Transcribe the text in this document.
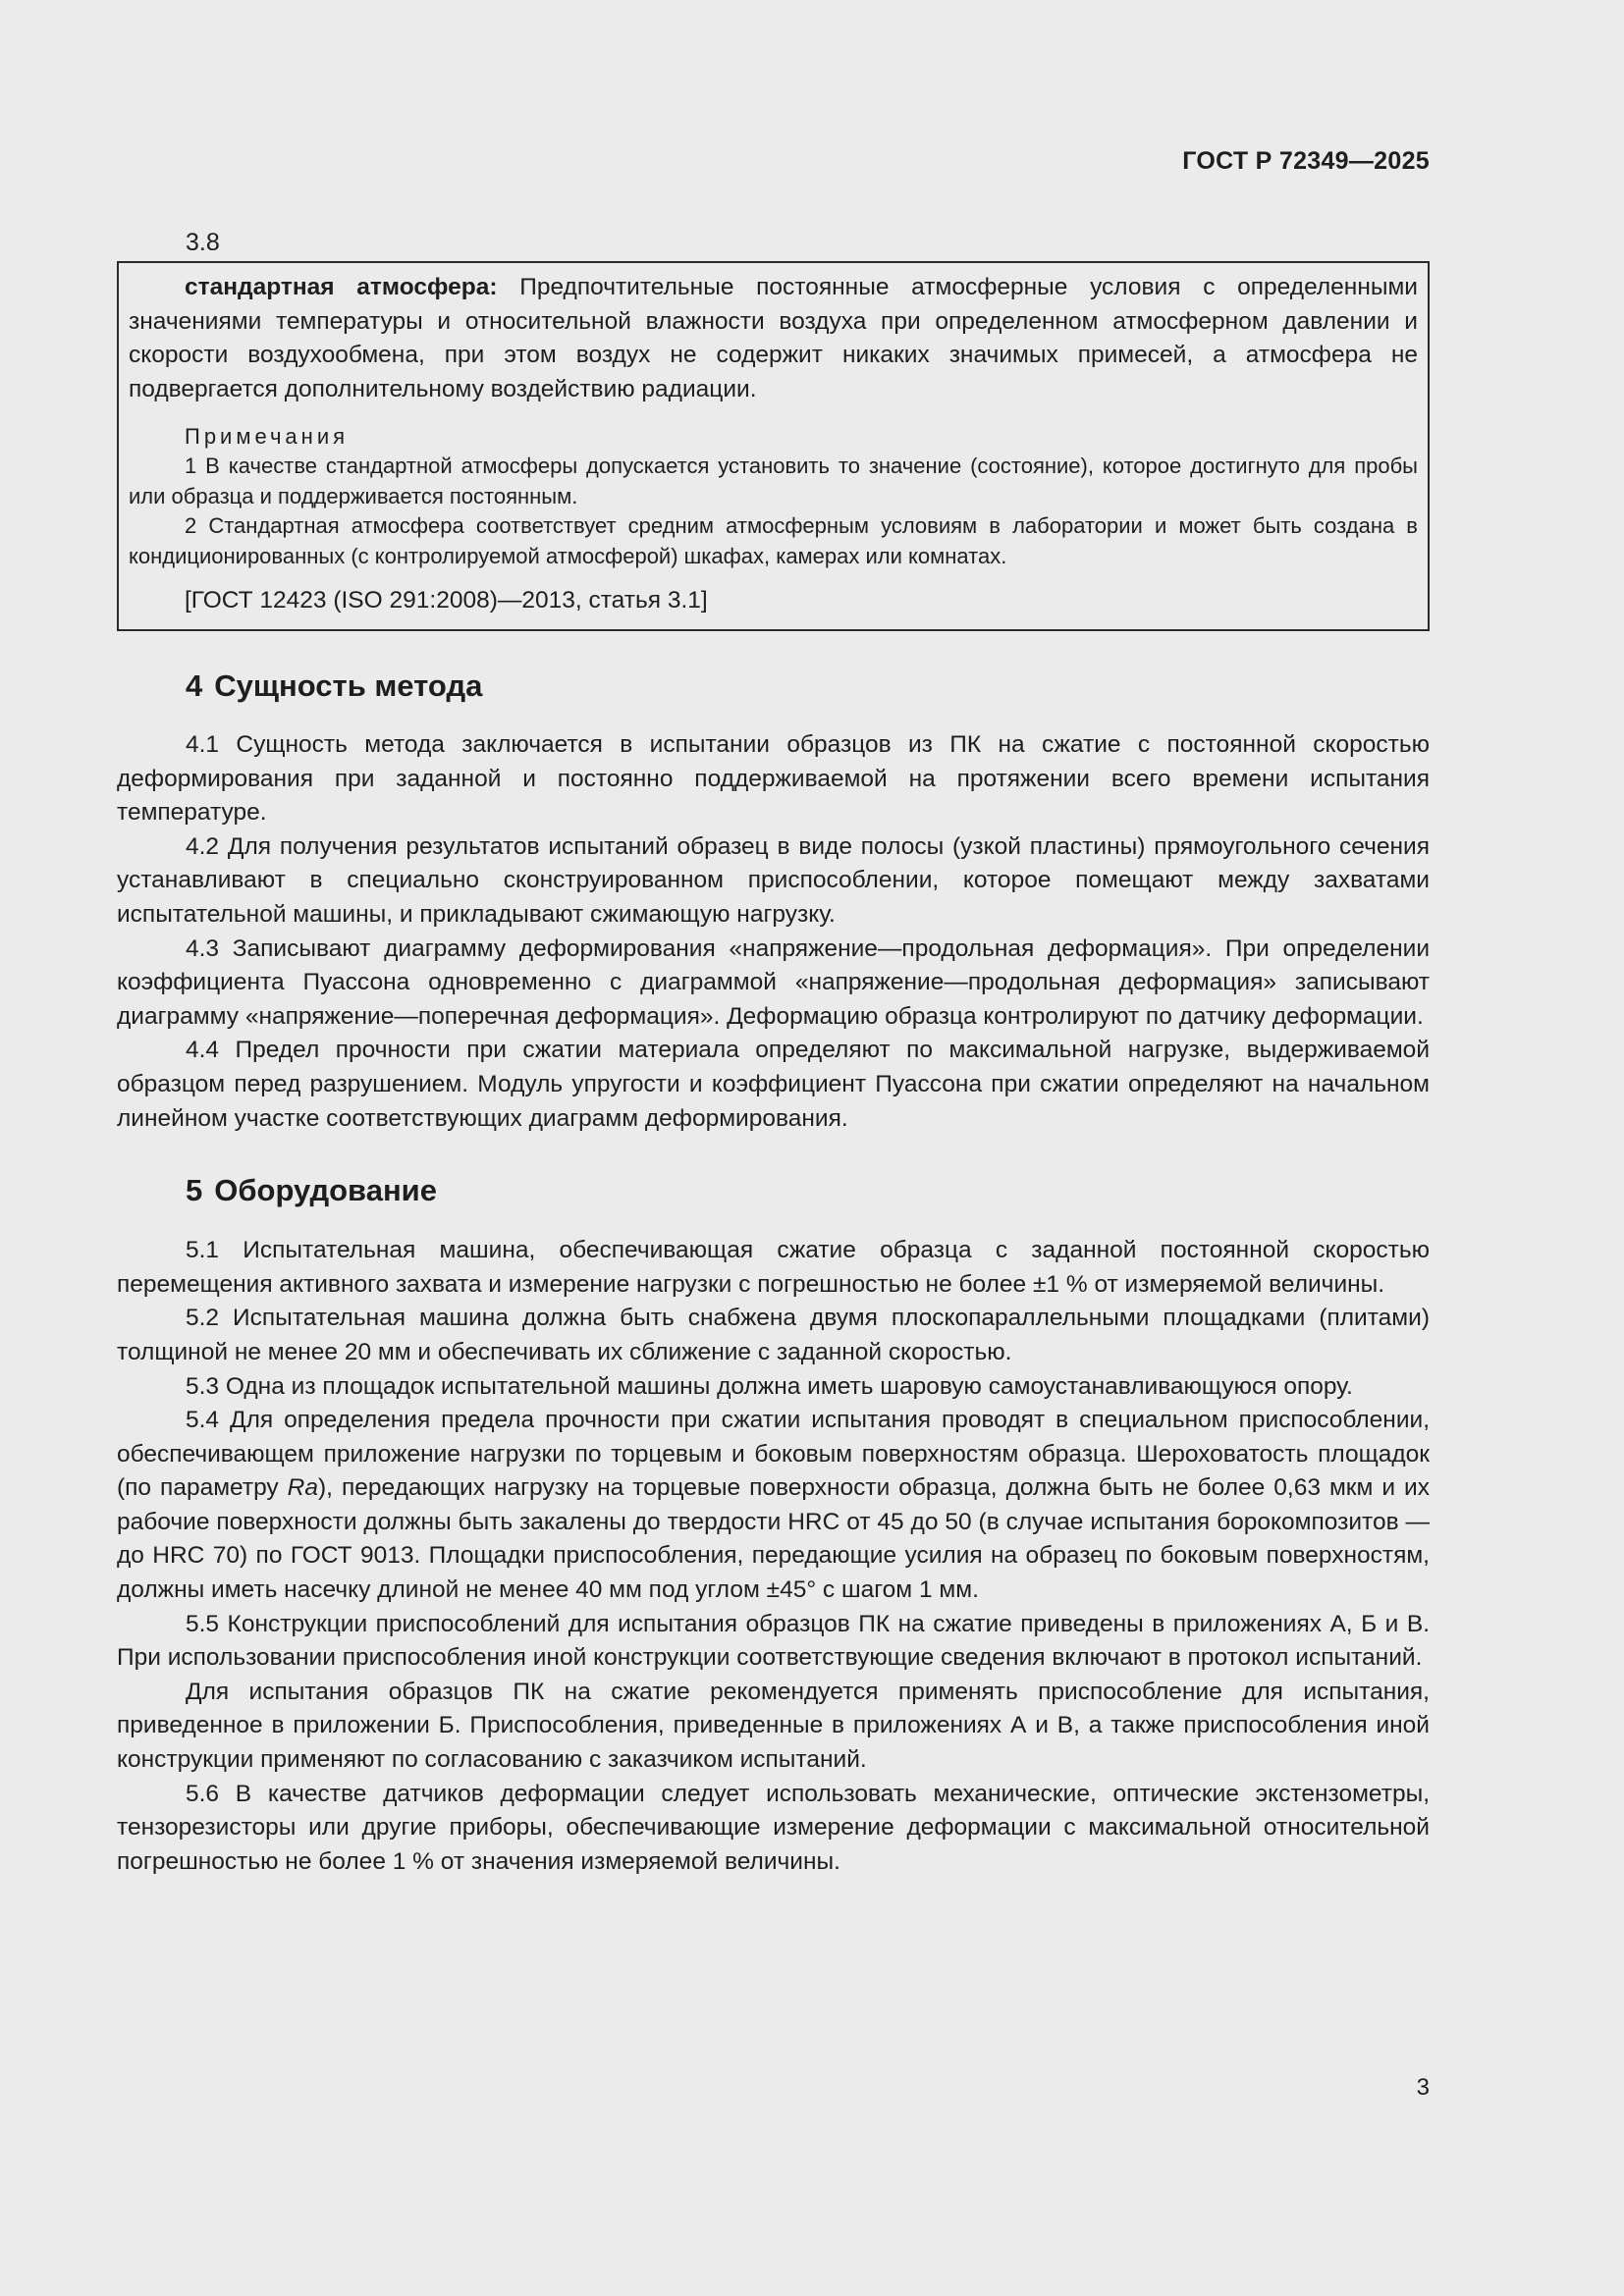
ГОСТ Р 72349—2025
3.8

стандартная атмосфера: Предпочтительные постоянные атмосферные условия с определенными значениями температуры и относительной влажности воздуха при определенном атмосферном давлении и скорости воздухообмена, при этом воздух не содержит никаких значимых примесей, а атмосфера не подвергается дополнительному воздействию радиации.

Примечания

1 В качестве стандартной атмосферы допускается установить то значение (состояние), которое достигнуто для пробы или образца и поддерживается постоянным.

2 Стандартная атмосфера соответствует средним атмосферным условиям в лаборатории и может быть создана в кондиционированных (с контролируемой атмосферой) шкафах, камерах или комнатах.

[ГОСТ 12423 (ISO 291:2008)—2013, статья 3.1]
4 Сущность метода

4.1 Сущность метода заключается в испытании образцов из ПК на сжатие с постоянной скоростью деформирования при заданной и постоянно поддерживаемой на протяжении всего времени испытания температуре.

4.2 Для получения результатов испытаний образец в виде полосы (узкой пластины) прямоугольного сечения устанавливают в специально сконструированном приспособлении, которое помещают между захватами испытательной машины, и прикладывают сжимающую нагрузку.

4.3 Записывают диаграмму деформирования «напряжение—продольная деформация». При определении коэффициента Пуассона одновременно с диаграммой «напряжение—продольная деформация» записывают диаграмму «напряжение—поперечная деформация». Деформацию образца контролируют по датчику деформации.

4.4 Предел прочности при сжатии материала определяют по максимальной нагрузке, выдерживаемой образцом перед разрушением. Модуль упругости и коэффициент Пуассона при сжатии определяют на начальном линейном участке соответствующих диаграмм деформирования.

5 Оборудование

5.1 Испытательная машина, обеспечивающая сжатие образца с заданной постоянной скоростью перемещения активного захвата и измерение нагрузки с погрешностью не более ±1 % от измеряемой величины.

5.2 Испытательная машина должна быть снабжена двумя плоскопараллельными площадками (плитами) толщиной не менее 20 мм и обеспечивать их сближение с заданной скоростью.

5.3 Одна из площадок испытательной машины должна иметь шаровую самоустанавливающуюся опору.

5.4 Для определения предела прочности при сжатии испытания проводят в специальном приспособлении, обеспечивающем приложение нагрузки по торцевым и боковым поверхностям образца. Шероховатость площадок (по параметру Ra), передающих нагрузку на торцевые поверхности образца, должна быть не более 0,63 мкм и их рабочие поверхности должны быть закалены до твердости HRC от 45 до 50 (в случае испытания борокомпозитов — до HRC 70) по ГОСТ 9013. Площадки приспособления, передающие усилия на образец по боковым поверхностям, должны иметь насечку длиной не менее 40 мм под углом ±45° с шагом 1 мм.

5.5 Конструкции приспособлений для испытания образцов ПК на сжатие приведены в приложениях А, Б и В. При использовании приспособления иной конструкции соответствующие сведения включают в протокол испытаний.

Для испытания образцов ПК на сжатие рекомендуется применять приспособление для испытания, приведенное в приложении Б. Приспособления, приведенные в приложениях А и В, а также приспособления иной конструкции применяют по согласованию с заказчиком испытаний.

5.6 В качестве датчиков деформации следует использовать механические, оптические экстензометры, тензорезисторы или другие приборы, обеспечивающие измерение деформации с максимальной относительной погрешностью не более 1 % от значения измеряемой величины.

3
